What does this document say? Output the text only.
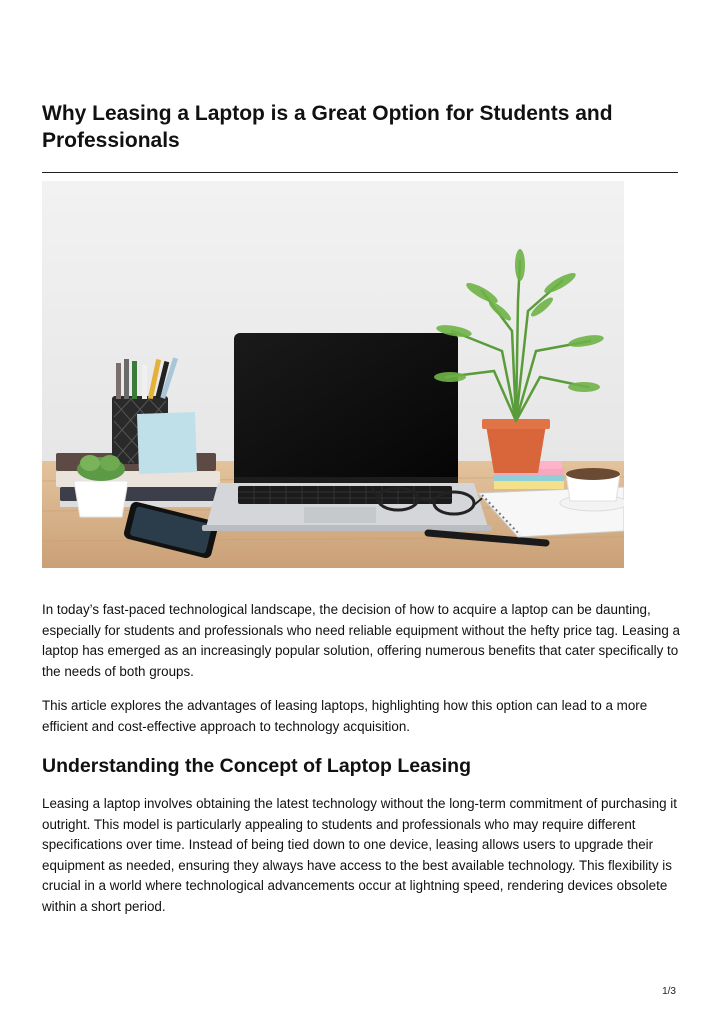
Why Leasing a Laptop is a Great Option for Students and Professionals

In today’s fast-paced technological landscape, the decision of how to acquire a laptop can be daunting, especially for students and professionals who need reliable equipment without the hefty price tag. Leasing a laptop has emerged as an increasingly popular solution, offering numerous benefits that cater specifically to the needs of both groups.

This article explores the advantages of leasing laptops, highlighting how this option can lead to a more efficient and cost-effective approach to technology acquisition.

Understanding the Concept of Laptop Leasing

Leasing a laptop involves obtaining the latest technology without the long-term commitment of purchasing it outright. This model is particularly appealing to students and professionals who may require different specifications over time. Instead of being tied down to one device, leasing allows users to upgrade their equipment as needed, ensuring they always have access to the best available technology. This flexibility is crucial in a world where technological advancements occur at lightning speed, rendering devices obsolete within a short period.

1/3
